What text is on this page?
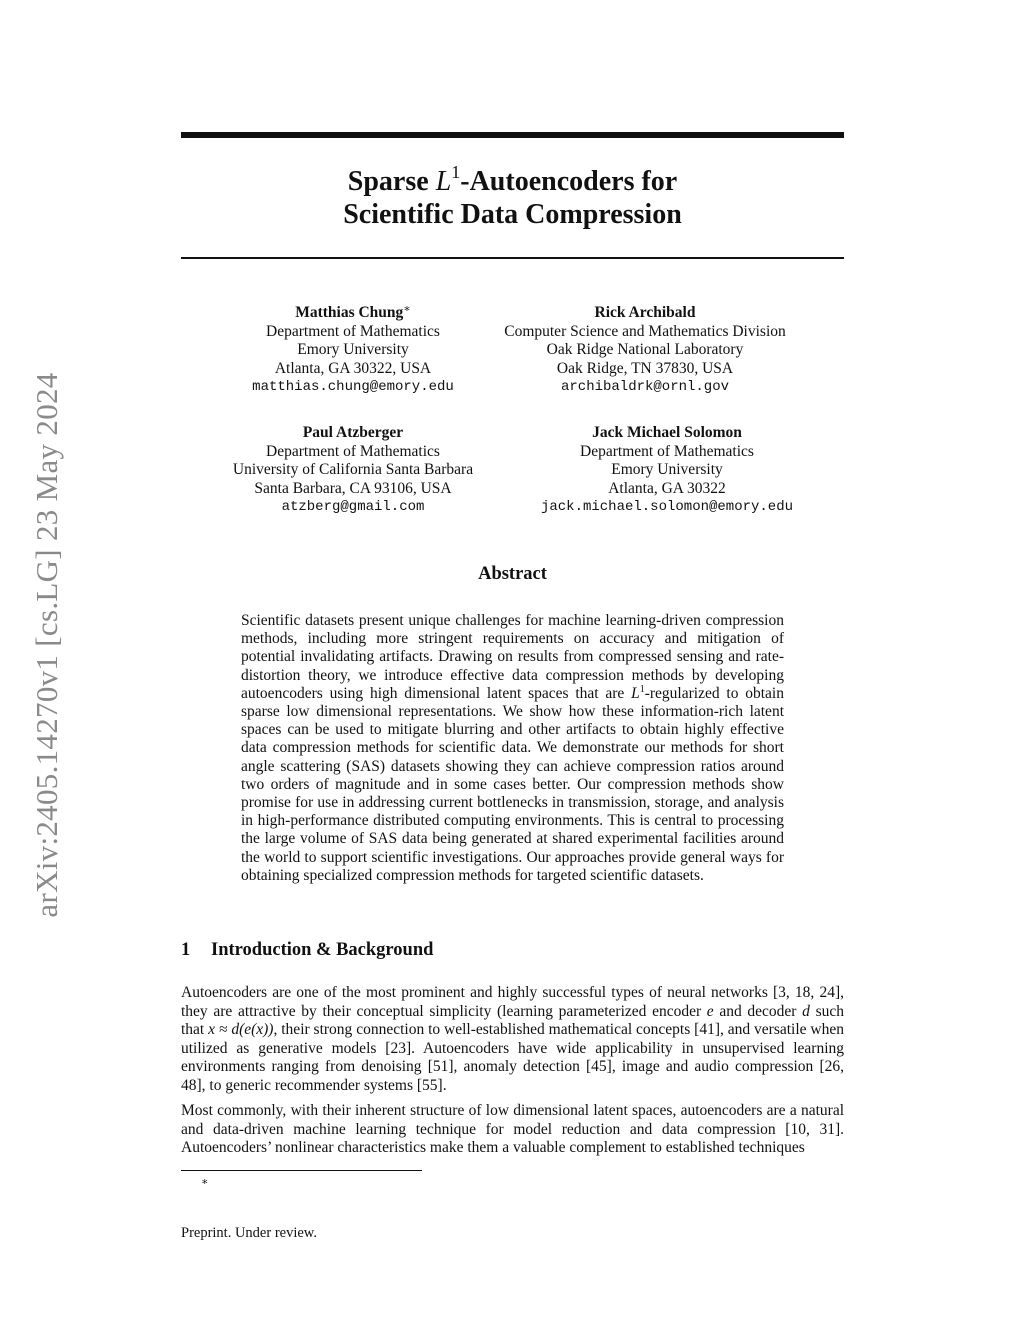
arXiv:2405.14270v1 [cs.LG] 23 May 2024
Sparse $L^1$-Autoencoders for
Scientific Data Compression
Matthias Chung∗
Department of Mathematics
Emory University
Atlanta, GA 30322, USA
matthias.chung@emory.edu
Rick Archibald
Computer Science and Mathematics Division
Oak Ridge National Laboratory
Oak Ridge, TN 37830, USA
archibaldrk@ornl.gov
Paul Atzberger
Department of Mathematics
University of California Santa Barbara
Santa Barbara, CA 93106, USA
atzberg@gmail.com
Jack Michael Solomon
Department of Mathematics
Emory University
Atlanta, GA 30322
jack.michael.solomon@emory.edu
Abstract
Scientific datasets present unique challenges for machine learning-driven compression methods, including more stringent requirements on accuracy and mitigation of potential invalidating artifacts. Drawing on results from compressed sensing and rate-distortion theory, we introduce effective data compression methods by developing autoencoders using high dimensional latent spaces that are $L^1$-regularized to obtain sparse low dimensional representations. We show how these information-rich latent spaces can be used to mitigate blurring and other artifacts to obtain highly effective data compression methods for scientific data. We demonstrate our methods for short angle scattering (SAS) datasets showing they can achieve compression ratios around two orders of magnitude and in some cases better. Our compression methods show promise for use in addressing current bottlenecks in transmission, storage, and analysis in high-performance distributed computing environments. This is central to processing the large volume of SAS data being generated at shared experimental facilities around the world to support scientific investigations. Our approaches provide general ways for obtaining specialized compression methods for targeted scientific datasets.
1 Introduction & Background
Autoencoders are one of the most prominent and highly successful types of neural networks [3, 18, 24], they are attractive by their conceptual simplicity (learning parameterized encoder e and decoder d such that x ≈ d(e(x)), their strong connection to well-established mathematical concepts [41], and versatile when utilized as generative models [23]. Autoencoders have wide applicability in unsupervised learning environments ranging from denoising [51], anomaly detection [45], image and audio compression [26, 48], to generic recommender systems [55].
Most commonly, with their inherent structure of low dimensional latent spaces, autoencoders are a natural and data-driven machine learning technique for model reduction and data compression [10, 31]. Autoencoders’ nonlinear characteristics make them a valuable complement to established techniques
∗
Preprint. Under review.
